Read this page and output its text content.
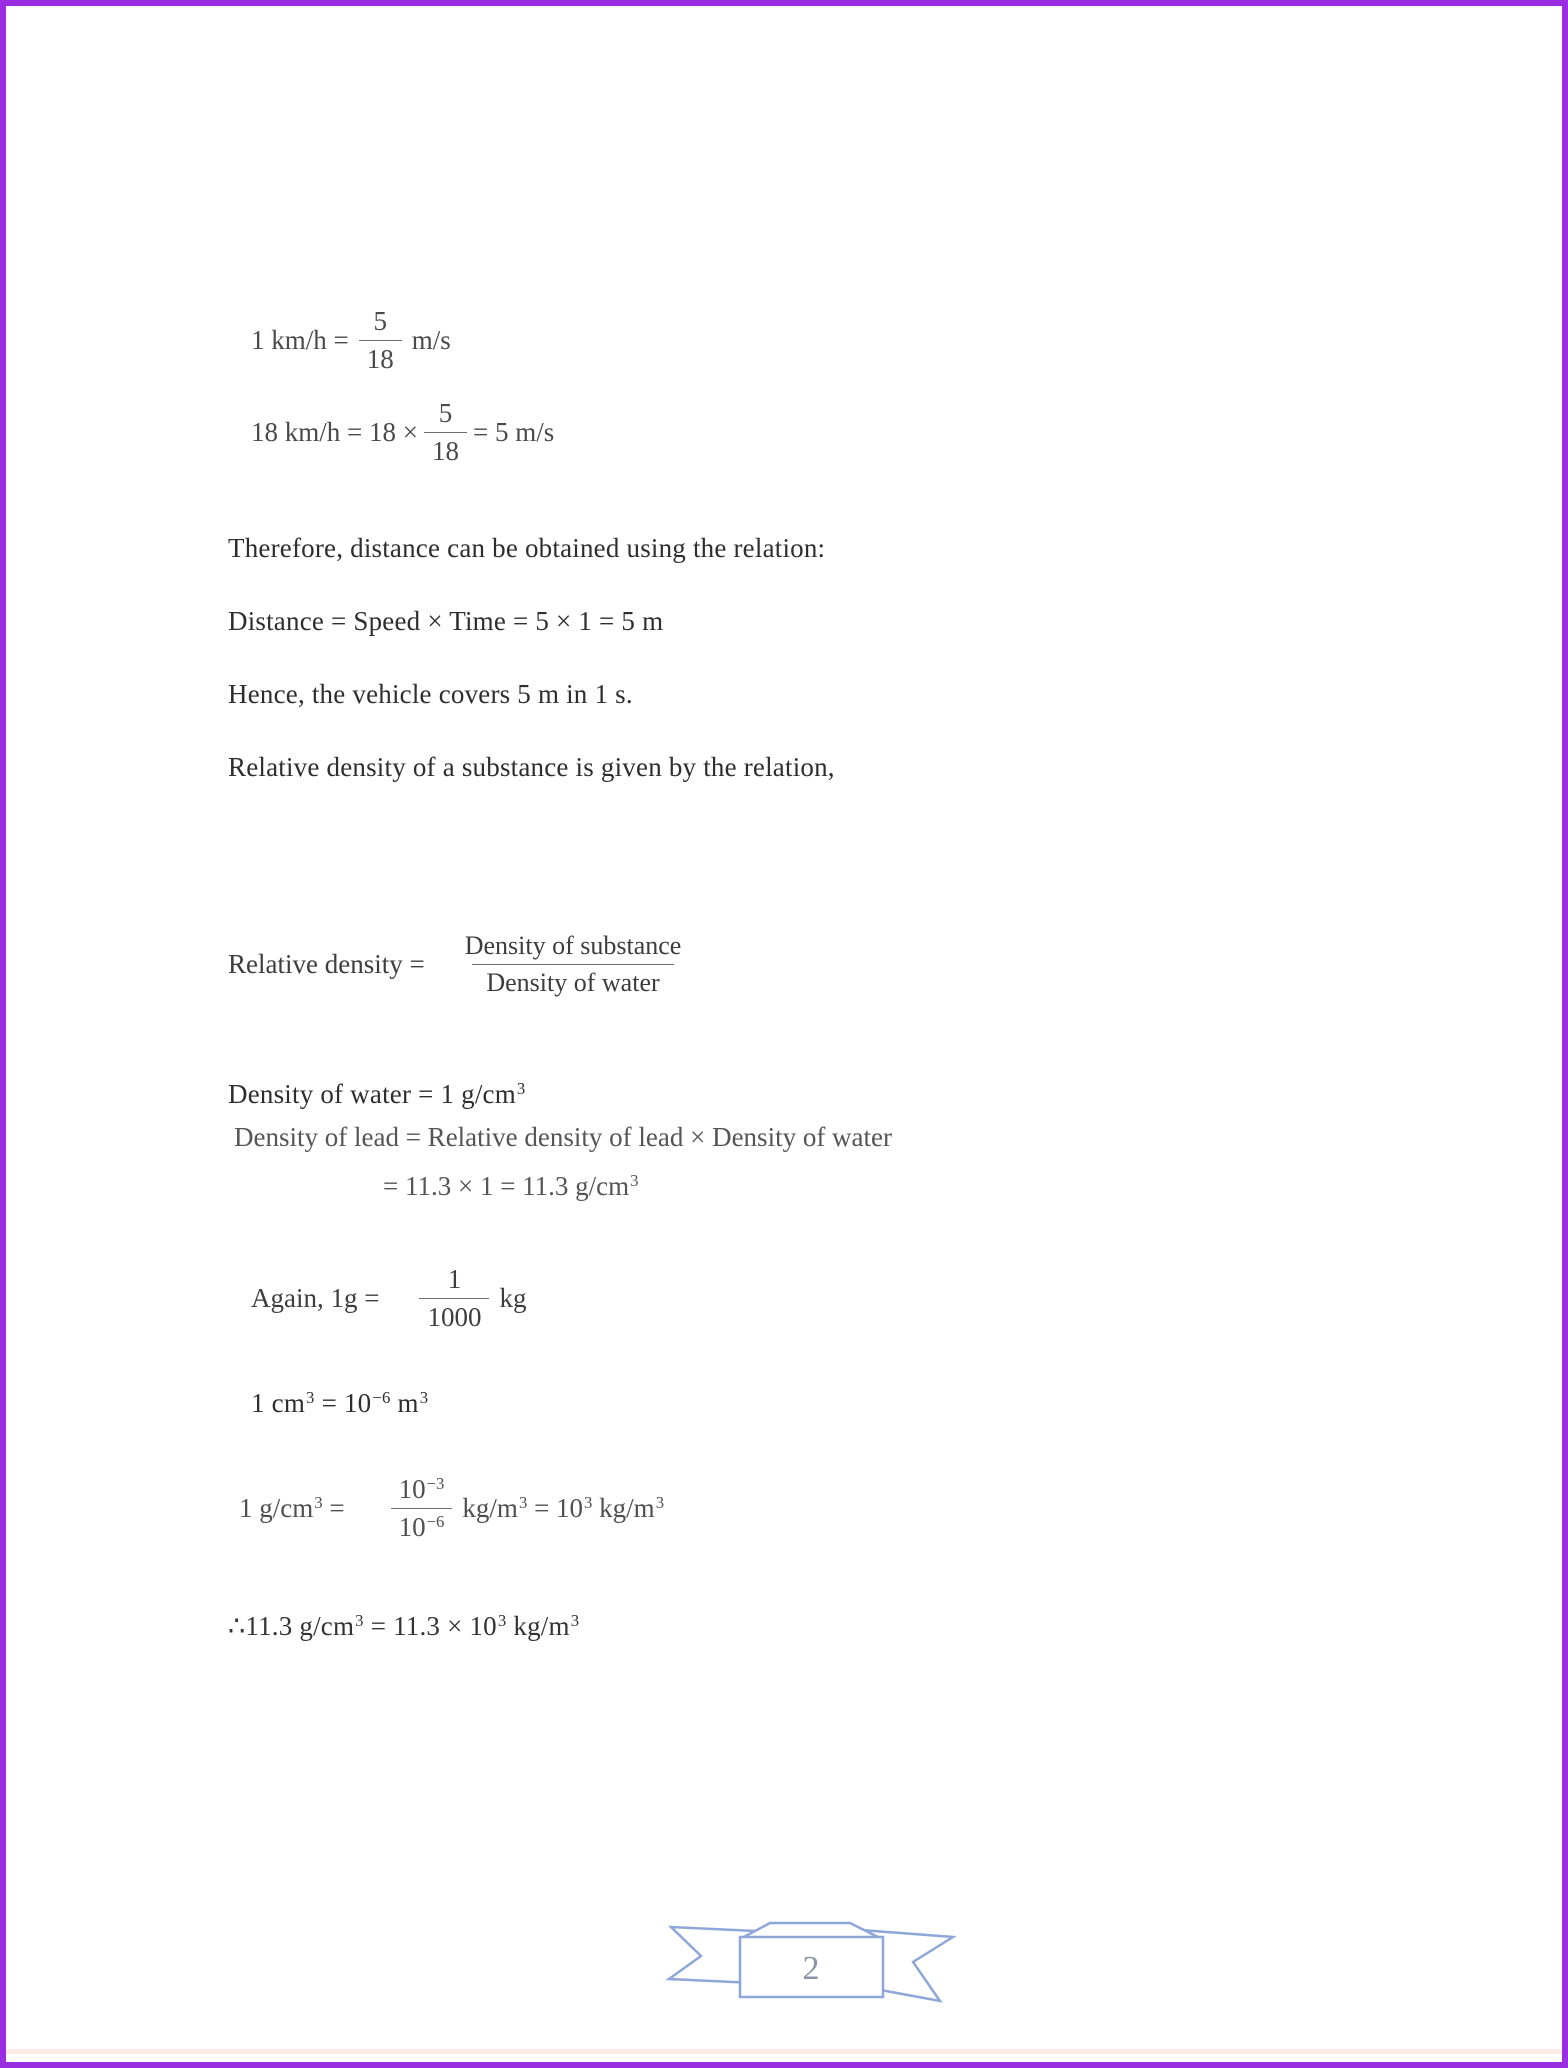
1 $km/h = \frac{5}{18} m/s$
18 $km/h = 18 \times \frac{5}{18} = 5$ m/s
Therefore, distance can be obtained using the relation:
Distance = Speed × Time = 5 × 1 = 5 m
Hence, the vehicle covers 5 m in 1 s.
Relative density of a substance is given by the relation,
Relative density = $\frac{\text{Density of substance}}{\text{Density of water}}$
Density of water = 1 $g/cm^3$
Density of lead = Relative density of lead × Density of water
= 11.3 × 1 = 11.3 $g/cm^3$
Again, $1g = \frac{1}{1000}$ kg
1 $cm^3 = 10^{-6}$ $m^3$
1 $g/cm^3 = \frac{10^{-3}}{10^{-6}} kg/m^3 = 10^3$ $kg/m^3$
∴11.3 $g/cm^3 = 11.3 \times 10^3$ $kg/m^3$
2
